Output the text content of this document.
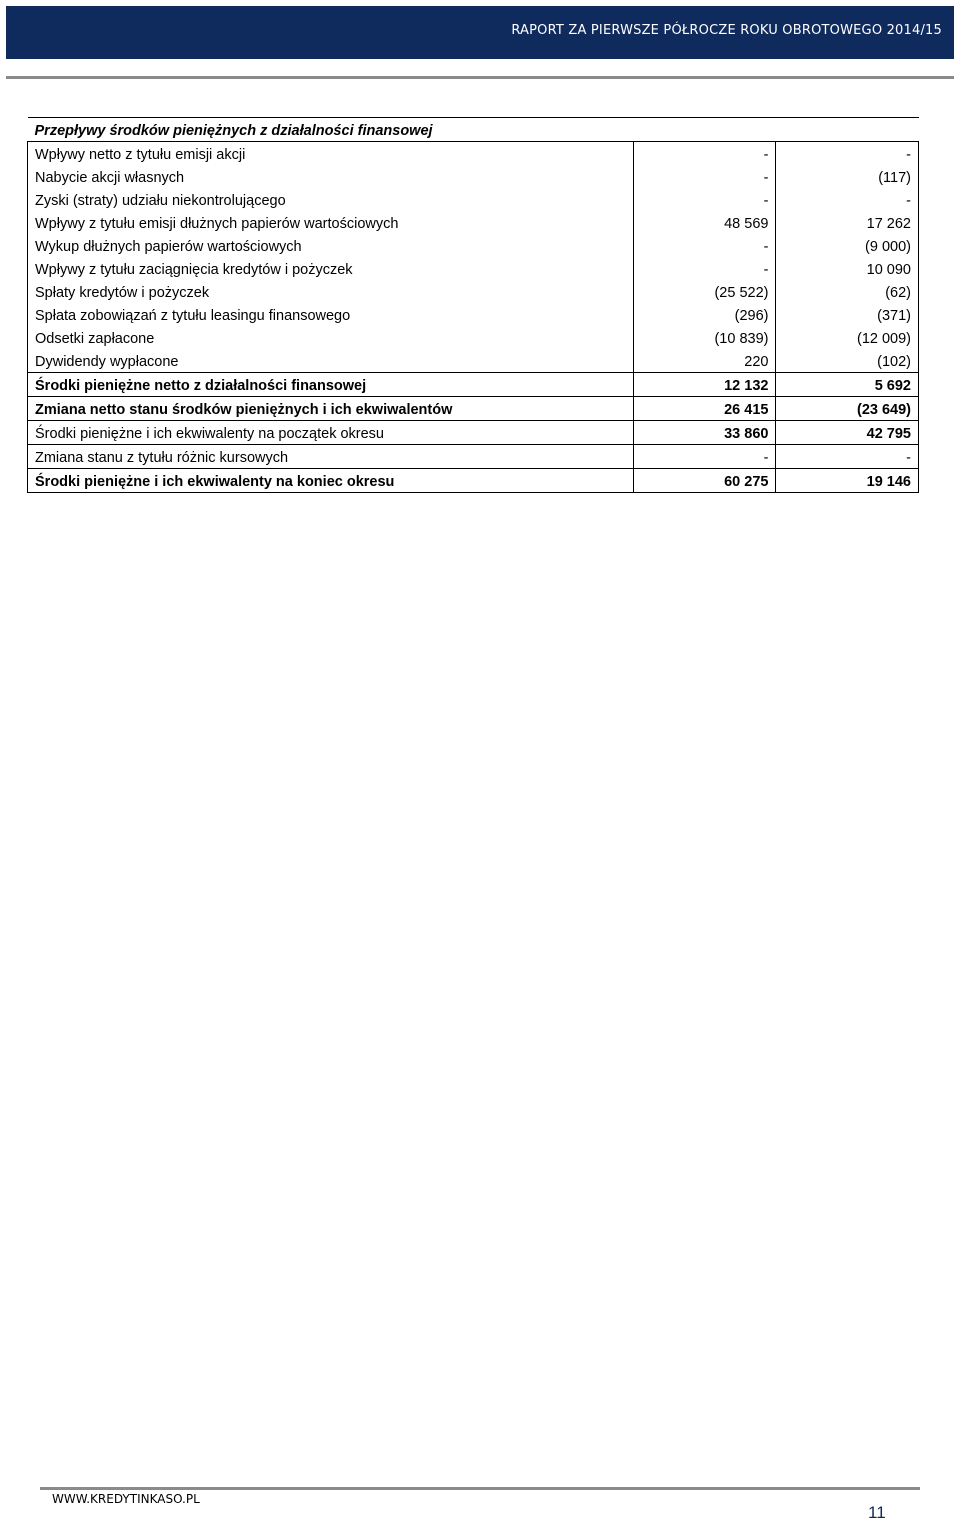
RAPORT ZA PIERWSZE PÓŁROCZE ROKU OBROTOWEGO 2014/15
Przepływy środków pieniężnych z działalności finansowej		
Wpływy netto z tytułu emisji akcji	-	-
Nabycie akcji własnych	-	(117)
Zyski (straty) udziału niekontrolującego	-	-
Wpływy z tytułu emisji dłużnych papierów wartościowych	48 569	17 262
Wykup dłużnych papierów wartościowych	-	(9 000)
Wpływy z tytułu zaciągnięcia kredytów i pożyczek	-	10 090
Spłaty kredytów i pożyczek	(25 522)	(62)
Spłata zobowiązań z tytułu leasingu finansowego	(296)	(371)
Odsetki zapłacone	(10 839)	(12 009)
Dywidendy wypłacone	220	(102)
Środki pieniężne netto z działalności finansowej	12 132	5 692
Zmiana netto stanu środków pieniężnych i ich ekwiwalentów	26 415	(23 649)
Środki pieniężne i ich ekwiwalenty na początek okresu	33 860	42 795
Zmiana stanu z tytułu różnic kursowych	-	-
Środki pieniężne i ich ekwiwalenty na koniec okresu	60 275	19 146
WWW.KREDYTINKASO.PL
11
